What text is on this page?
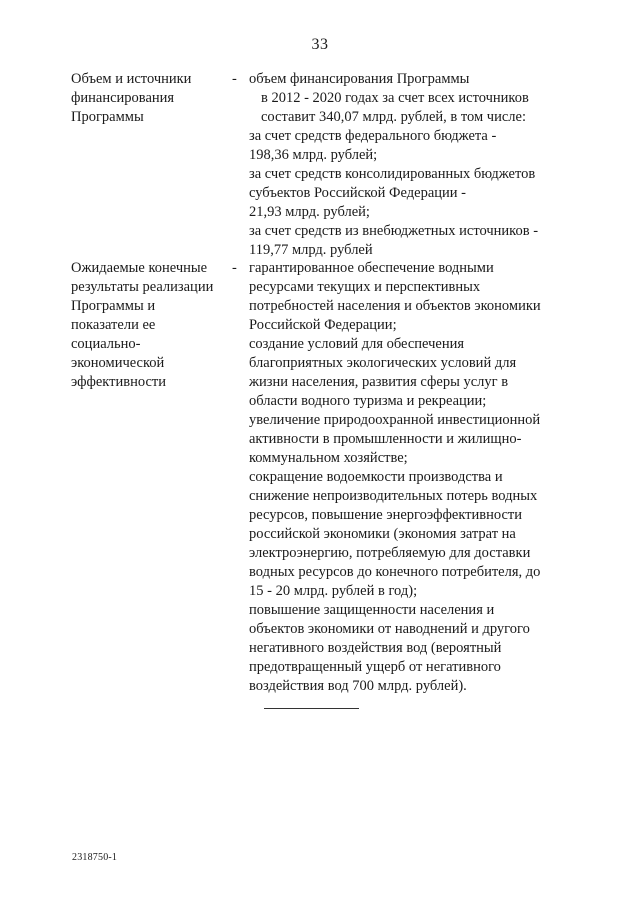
33
Объем и источники
финансирования
Программы
- объем финансирования Программы
в 2012 - 2020 годах за счет всех источников
составит 340,07 млрд. рублей, в том числе:
за счет средств федерального бюджета -
198,36 млрд. рублей;
за счет средств консолидированных бюджетов
субъектов Российской Федерации -
21,93 млрд. рублей;
за счет средств из внебюджетных источников -
119,77 млрд. рублей
Ожидаемые конечные
результаты реализации
Программы и
показатели ее
социально-
экономической
эффективности
- гарантированное обеспечение водными
ресурсами текущих и перспективных
потребностей населения и объектов экономики
Российской Федерации;
создание условий для обеспечения
благоприятных экологических условий для
жизни населения, развития сферы услуг в
области водного туризма и рекреации;
увеличение природоохранной инвестиционной
активности в промышленности и жилищно-
коммунальном хозяйстве;
сокращение водоемкости производства и
снижение непроизводительных потерь водных
ресурсов, повышение энергоэффективности
российской экономики (экономия затрат на
электроэнергию, потребляемую для доставки
водных ресурсов до конечного потребителя, до
15 - 20 млрд. рублей в год);
повышение защищенности населения и
объектов экономики от наводнений и другого
негативного воздействия вод (вероятный
предотвращенный ущерб от негативного
воздействия вод 700 млрд. рублей).
2318750-1
